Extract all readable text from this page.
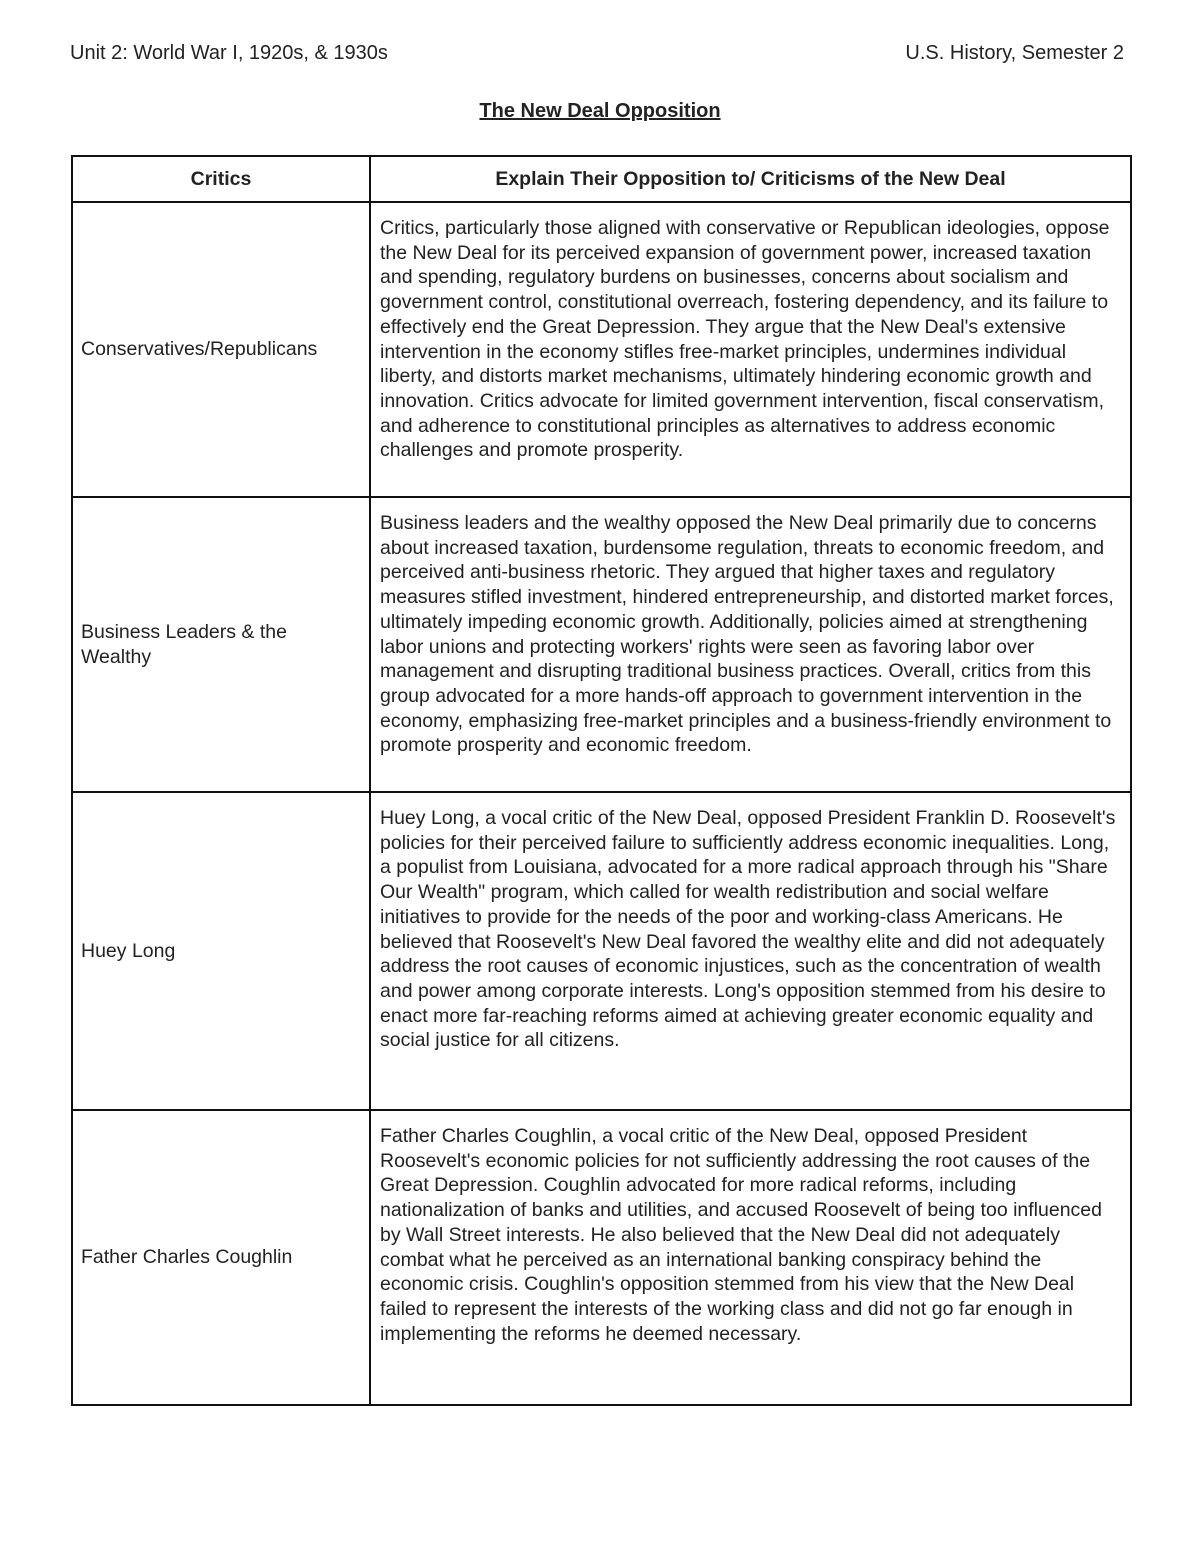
Unit 2: World War I, 1920s, & 1930s	U.S. History, Semester 2
The New Deal Opposition
Critics	Explain Their Opposition to/ Criticisms of the New Deal
Conservatives/Republicans	Critics, particularly those aligned with conservative or Republican ideologies, oppose the New Deal for its perceived expansion of government power, increased taxation and spending, regulatory burdens on businesses, concerns about socialism and government control, constitutional overreach, fostering dependency, and its failure to effectively end the Great Depression. They argue that the New Deal's extensive intervention in the economy stifles free-market principles, undermines individual liberty, and distorts market mechanisms, ultimately hindering economic growth and innovation. Critics advocate for limited government intervention, fiscal conservatism, and adherence to constitutional principles as alternatives to address economic challenges and promote prosperity.
Business Leaders & the Wealthy	Business leaders and the wealthy opposed the New Deal primarily due to concerns about increased taxation, burdensome regulation, threats to economic freedom, and perceived anti-business rhetoric. They argued that higher taxes and regulatory measures stifled investment, hindered entrepreneurship, and distorted market forces, ultimately impeding economic growth. Additionally, policies aimed at strengthening labor unions and protecting workers' rights were seen as favoring labor over management and disrupting traditional business practices. Overall, critics from this group advocated for a more hands-off approach to government intervention in the economy, emphasizing free-market principles and a business-friendly environment to promote prosperity and economic freedom.
Huey Long	Huey Long, a vocal critic of the New Deal, opposed President Franklin D. Roosevelt's policies for their perceived failure to sufficiently address economic inequalities. Long, a populist from Louisiana, advocated for a more radical approach through his "Share Our Wealth" program, which called for wealth redistribution and social welfare initiatives to provide for the needs of the poor and working-class Americans. He believed that Roosevelt's New Deal favored the wealthy elite and did not adequately address the root causes of economic injustices, such as the concentration of wealth and power among corporate interests. Long's opposition stemmed from his desire to enact more far-reaching reforms aimed at achieving greater economic equality and social justice for all citizens.
Father Charles Coughlin	Father Charles Coughlin, a vocal critic of the New Deal, opposed President Roosevelt's economic policies for not sufficiently addressing the root causes of the Great Depression. Coughlin advocated for more radical reforms, including nationalization of banks and utilities, and accused Roosevelt of being too influenced by Wall Street interests. He also believed that the New Deal did not adequately combat what he perceived as an international banking conspiracy behind the economic crisis. Coughlin's opposition stemmed from his view that the New Deal failed to represent the interests of the working class and did not go far enough in implementing the reforms he deemed necessary.
